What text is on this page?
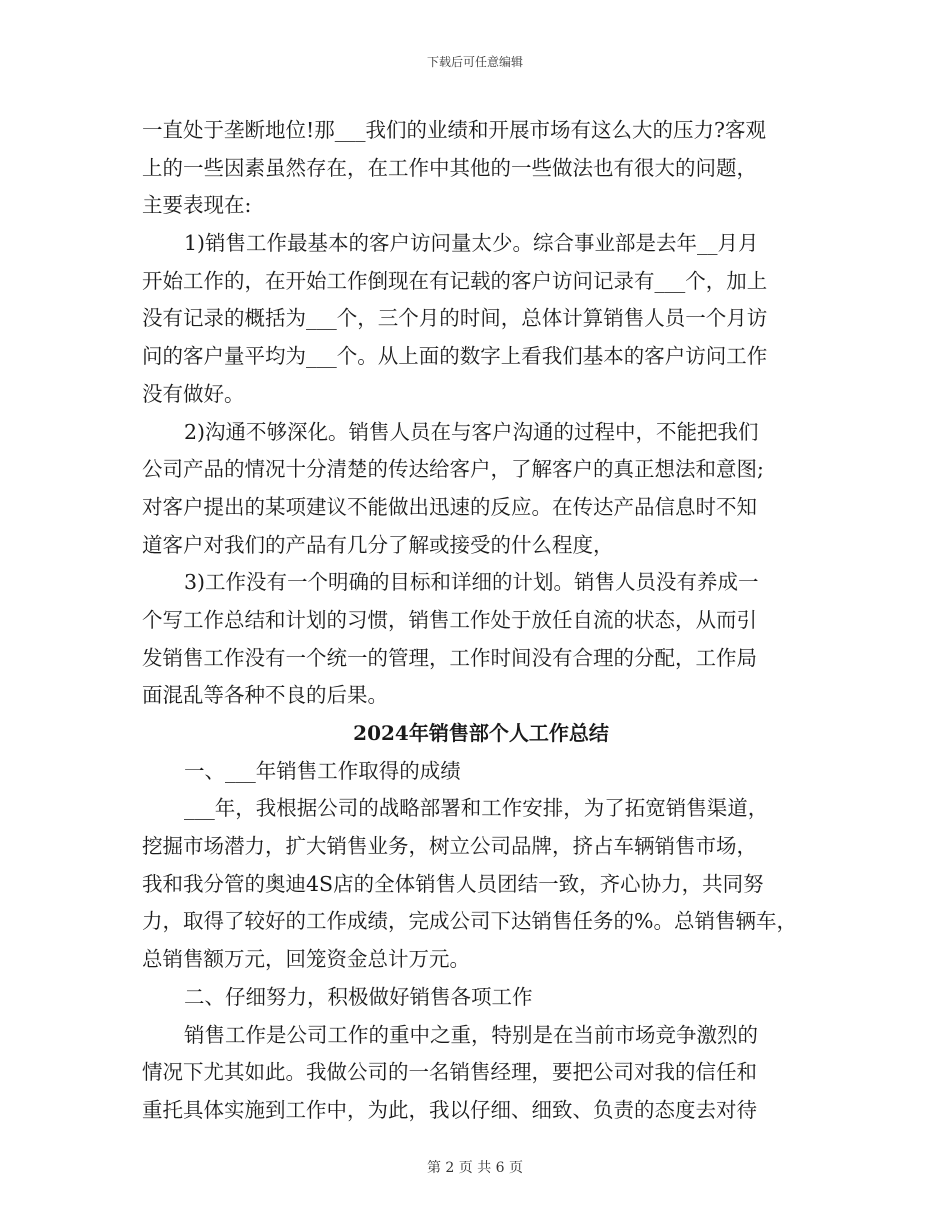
下载后可任意编辑
一直处于垄断地位!那___我们的业绩和开展市场有这么大的压力?客观
上的一些因素虽然存在，在工作中其他的一些做法也有很大的问题，
主要表现在:
1)销售工作最基本的客户访问量太少。综合事业部是去年__月月
开始工作的，在开始工作倒现在有记载的客户访问记录有___个，加上
没有记录的概括为___个，三个月的时间，总体计算销售人员一个月访
问的客户量平均为___个。从上面的数字上看我们基本的客户访问工作
没有做好。
2)沟通不够深化。销售人员在与客户沟通的过程中，不能把我们
公司产品的情况十分清楚的传达给客户，了解客户的真正想法和意图;
对客户提出的某项建议不能做出迅速的反应。在传达产品信息时不知
道客户对我们的产品有几分了解或接受的什么程度，
3)工作没有一个明确的目标和详细的计划。销售人员没有养成一
个写工作总结和计划的习惯，销售工作处于放任自流的状态，从而引
发销售工作没有一个统一的管理，工作时间没有合理的分配，工作局
面混乱等各种不良的后果。
2024年销售部个人工作总结
一、___年销售工作取得的成绩
___年，我根据公司的战略部署和工作安排，为了拓宽销售渠道，
挖掘市场潜力，扩大销售业务，树立公司品牌，挤占车辆销售市场，
我和我分管的奥迪4S店的全体销售人员团结一致，齐心协力，共同努
力，取得了较好的工作成绩，完成公司下达销售任务的%。总销售辆车，
总销售额万元，回笼资金总计万元。
二、仔细努力，积极做好销售各项工作
销售工作是公司工作的重中之重，特别是在当前市场竞争激烈的
情况下尤其如此。我做公司的一名销售经理，要把公司对我的信任和
重托具体实施到工作中，为此，我以仔细、细致、负责的态度去对待
第 2 页 共 6 页
